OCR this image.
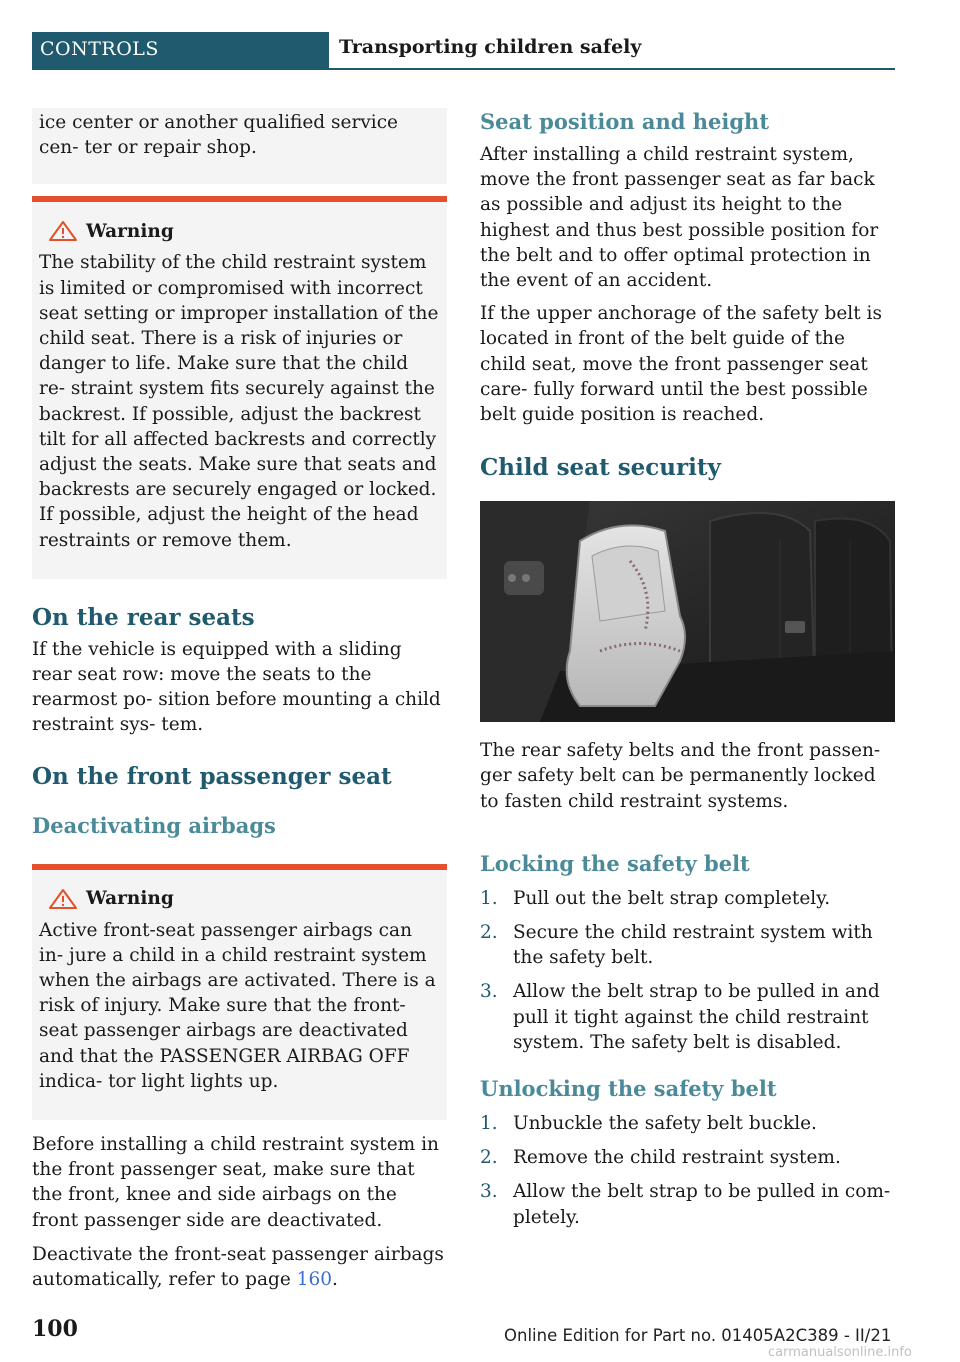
CONTROLS	Transporting children safely

ice center or another qualified service cen- ter or repair shop.

Warning

The stability of the child restraint system is limited or compromised with incorrect seat setting or improper installation of the child seat. There is a risk of injuries or danger to life. Make sure that the child re- straint system fits securely against the backrest. If possible, adjust the backrest tilt for all affected backrests and correctly adjust the seats. Make sure that seats and backrests are securely engaged or locked. If possible, adjust the height of the head restraints or remove them.

On the rear seats

If the vehicle is equipped with a sliding rear seat row: move the seats to the rearmost po- sition before mounting a child restraint sys- tem.

On the front passenger seat
Deactivating airbags
Warning

Active front-seat passenger airbags can in- jure a child in a child restraint system when the airbags are activated. There is a risk of injury. Make sure that the front- seat passenger airbags are deactivated and that the PASSENGER AIRBAG OFF indica- tor light lights up.

Before installing a child restraint system in the front passenger seat, make sure that the front, knee and side airbags on the front passenger side are deactivated.

Deactivate the front-seat passenger airbags automatically, refer to page 160.

Seat position and height

After installing a child restraint system, move the front passenger seat as far back as possible and adjust its height to the highest and thus best possible position for the belt and to offer optimal protection in the event of an accident.

If the upper anchorage of the safety belt is located in front of the belt guide of the child seat, move the front passenger seat care- fully forward until the best possible belt guide position is reached.

Child seat security

The rear safety belts and the front passen- ger safety belt can be permanently locked to fasten child restraint systems.

Locking the safety belt
1. Pull out the belt strap completely.
2. Secure the child restraint system with the safety belt.
3. Allow the belt strap to be pulled in and pull it tight against the child restraint system. The safety belt is disabled.
Unlocking the safety belt
1. Unbuckle the safety belt buckle.
2. Remove the child restraint system.
3. Allow the belt strap to be pulled in com- pletely.
100	Online Edition for Part no. 01405A2C389 - II/21
carmanualsonline.info
